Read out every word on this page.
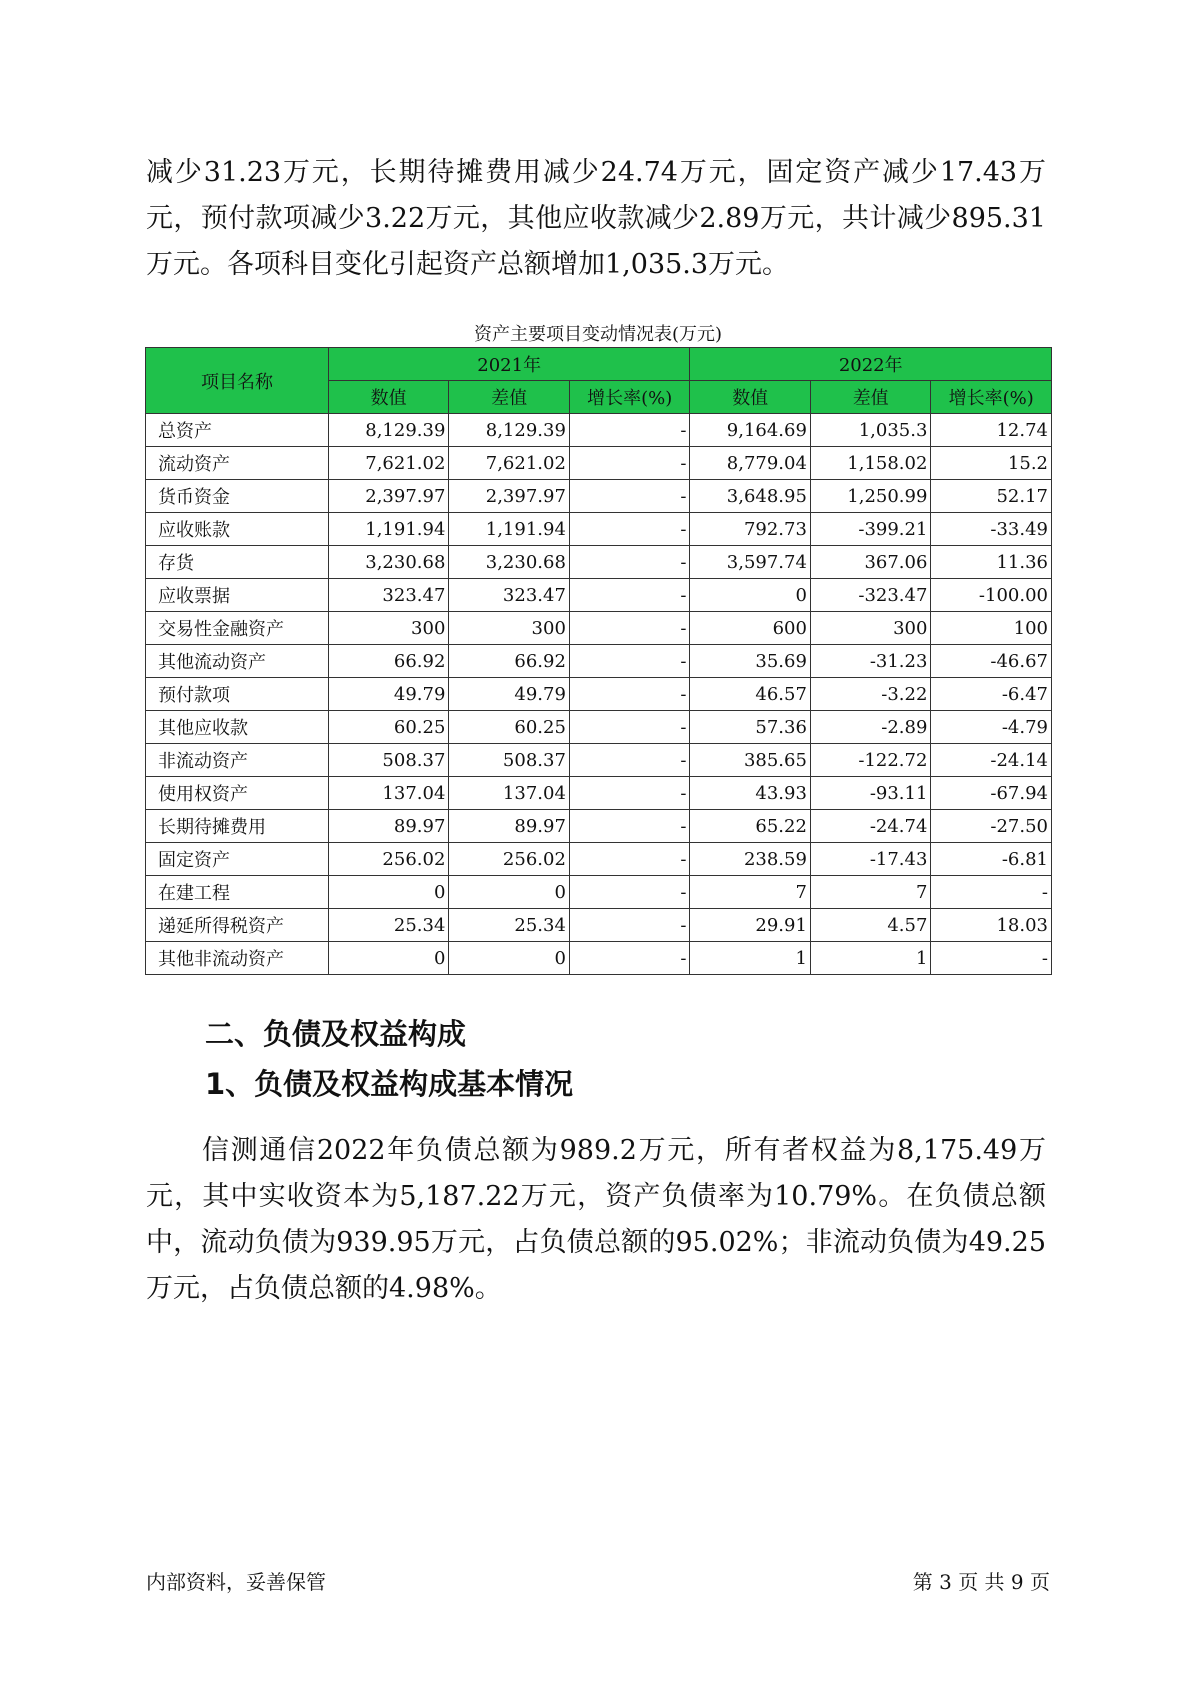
减少31.23万元，长期待摊费用减少24.74万元，固定资产减少17.43万元，预付款项减少3.22万元，其他应收款减少2.89万元，共计减少895.31万元。各项科目变化引起资产总额增加1,035.3万元。
资产主要项目变动情况表(万元)
项目名称	2021年			2022年		
	数值	差值	增长率(%)	数值	差值	增长率(%)
总资产	8,129.39	8,129.39	-	9,164.69	1,035.3	12.74
流动资产	7,621.02	7,621.02	-	8,779.04	1,158.02	15.2
货币资金	2,397.97	2,397.97	-	3,648.95	1,250.99	52.17
应收账款	1,191.94	1,191.94	-	792.73	-399.21	-33.49
存货	3,230.68	3,230.68	-	3,597.74	367.06	11.36
应收票据	323.47	323.47	-	0	-323.47	-100.00
交易性金融资产	300	300	-	600	300	100
其他流动资产	66.92	66.92	-	35.69	-31.23	-46.67
预付款项	49.79	49.79	-	46.57	-3.22	-6.47
其他应收款	60.25	60.25	-	57.36	-2.89	-4.79
非流动资产	508.37	508.37	-	385.65	-122.72	-24.14
使用权资产	137.04	137.04	-	43.93	-93.11	-67.94
长期待摊费用	89.97	89.97	-	65.22	-24.74	-27.50
固定资产	256.02	256.02	-	238.59	-17.43	-6.81
在建工程	0	0	-	7	7	-
递延所得税资产	25.34	25.34	-	29.91	4.57	18.03
其他非流动资产	0	0	-	1	1	-
二、负债及权益构成
1、负债及权益构成基本情况
信测通信2022年负债总额为989.2万元，所有者权益为8,175.49万元，其中实收资本为5,187.22万元，资产负债率为10.79%。在负债总额中，流动负债为939.95万元，占负债总额的95.02%；非流动负债为49.25万元，占负债总额的4.98%。
内部资料，妥善保管	第 3 页 共 9 页
